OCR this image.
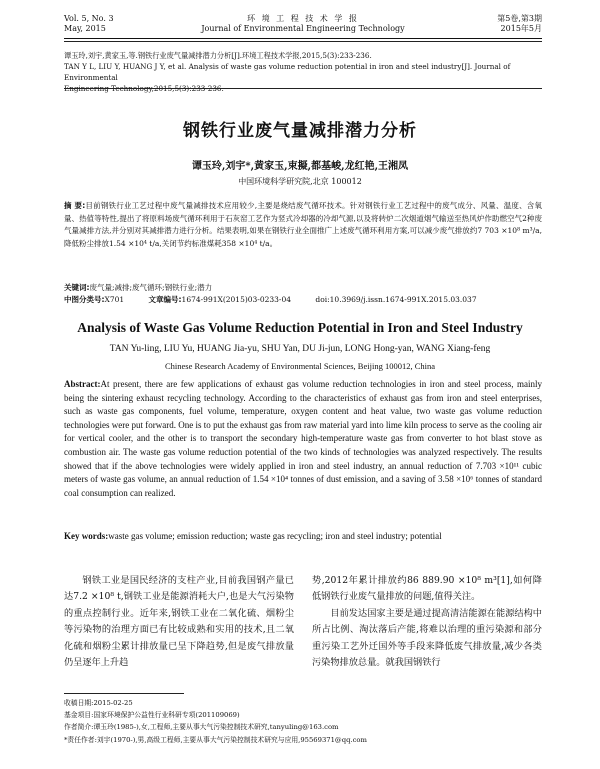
Vol. 5, No. 3
May, 2015
环 境 工 程 技 术 学 报
Journal of Environmental Engineering Technology
第5卷,第3期
2015年5月

谭玉玲,刘宇,黄家玉,等.钢铁行业废气量减排潜力分析[J].环境工程技术学报,2015,5(3):233-236.

TAN Y L, LIU Y, HUANG J Y, et al. Analysis of waste gas volume reduction potential in iron and steel industry[J]. Journal of Environmental

Engineering Technology,2015,5(3):233-236.

钢铁行业废气量减排潜力分析
谭玉玲,刘宇*,黄家玉,束擬,都基峻,龙红艳,王湘凤
中国环境科学研究院,北京 100012

摘 要:目前钢铁行业工艺过程中废气量减排技术应用较少,主要是烧结废气循环技术。针对钢铁行业工艺过程中的废气成分、风量、温度、含氧量、热值等特性,提出了将原料场废气循环利用于石灰窑工艺作为竖式冷却器的冷却气源,以及将转炉二次烟道烟气输送至热风炉作助燃空气2种废气量减排方法,并分别对其减排潜力进行分析。结果表明,如果在钢铁行业全面推广上述废气循环利用方案,可以减少废气排放约7 703 ×10⁸ m³/a,降低粉尘排放1.54 ×10⁴ t/a,关闭节约标准煤耗358 ×10⁴ t/a。

关键词:废气量;减排;废气循环;钢铁行业;潜力
中图分类号:X701	文章编号:1674-991X(2015)03-0233-04	doi:10.3969/j.issn.1674-991X.2015.03.037
Analysis of Waste Gas Volume Reduction Potential in Iron and Steel Industry
TAN Yu-ling, LIU Yu, HUANG Jia-yu, SHU Yan, DU Ji-jun, LONG Hong-yan, WANG Xiang-feng
Chinese Research Academy of Environmental Sciences, Beijing 100012, China

Abstract:At present, there are few applications of exhaust gas volume reduction technologies in iron and steel process, mainly being the sintering exhaust recycling technology. According to the characteristics of exhaust gas from iron and steel enterprises, such as waste gas components, fuel volume, temperature, oxygen content and heat value, two waste gas volume reduction technologies were put forward. One is to put the exhaust gas from raw material yard into lime kiln process to serve as the cooling air for vertical cooler, and the other is to transport the secondary high-temperature waste gas from converter to hot blast stove as combustion air. The waste gas volume reduction potential of the two kinds of technologies was analyzed respectively. The results showed that if the above technologies were widely applied in iron and steel industry, an annual reduction of 7.703 ×10¹¹ cubic meters of waste gas volume, an annual reduction of 1.54 ×10⁴ tonnes of dust emission, and a saving of 3.58 ×10⁶ tonnes of standard coal consumption can realized.

Key words:waste gas volume; emission reduction; waste gas recycling; iron and steel industry; potential

钢铁工业是国民经济的支柱产业,目前我国钢产量已达7.2 ×10⁸ t,钢铁工业是能源消耗大户,也是大气污染物的重点控制行业。近年来,钢铁工业在二氧化硫、烟粉尘等污染物的治理方面已有比较成熟和实用的技术,且二氧化硫和烟粉尘累计排放量已呈下降趋势,但是废气排放量仍呈逐年上升趋

势,2012年累计排放约86 889.90 ×10⁸ m³[1],如何降低钢铁行业废气量排放的问题,值得关注。

目前发达国家主要是通过提高清洁能源在能源结构中所占比例、淘汰落后产能,将难以治理的重污染源和部分重污染工艺外迁国外等手段来降低废气排放量,减少各类污染物排放总量。就我国钢铁行

收稿日期:2015-02-25

基金项目:国家环境保护公益性行业科研专项(201109069)

作者简介:谭玉玲(1985-),女,工程师,主要从事大气污染控制技术研究,tanyuling@163.com

*责任作者:刘宇(1970-),男,高级工程师,主要从事大气污染控制技术研究与应用,95569371@qq.com
